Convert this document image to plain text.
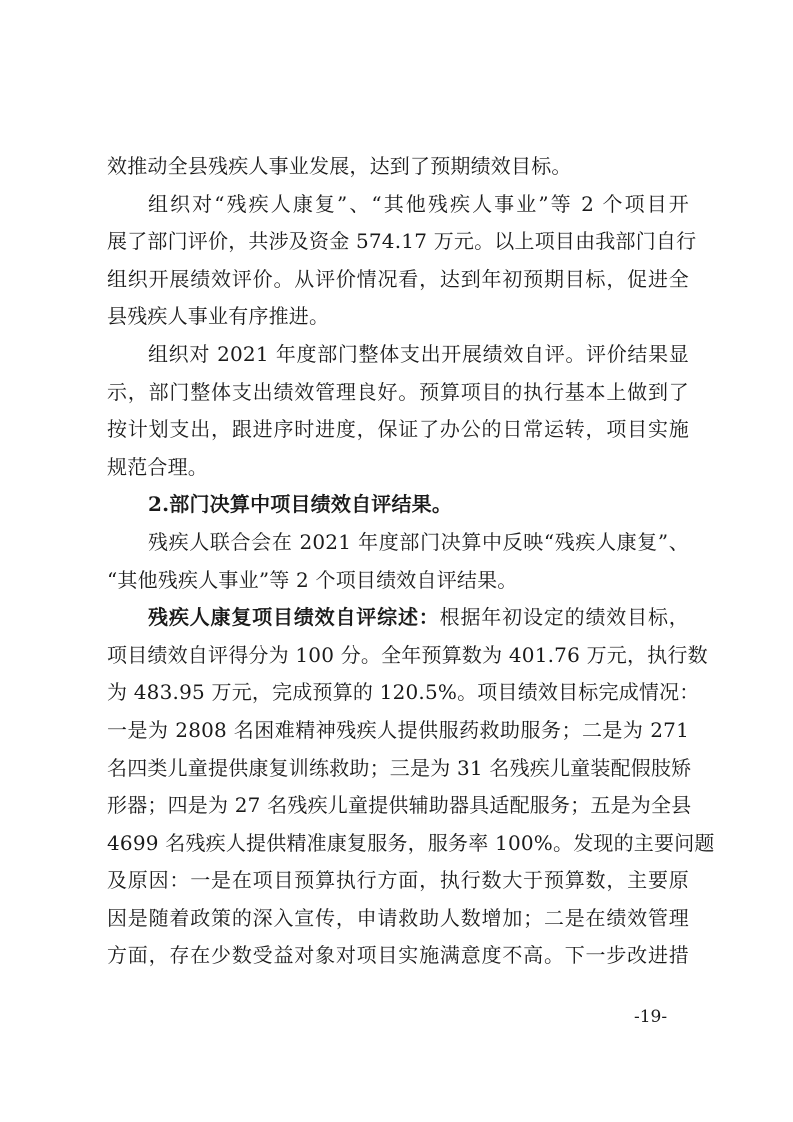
效推动全县残疾人事业发展，达到了预期绩效目标。
组织对“残疾人康复”、“其他残疾人事业”等 2 个项目开
展了部门评价，共涉及资金 574.17 万元。以上项目由我部门自行
组织开展绩效评价。从评价情况看，达到年初预期目标，促进全
县残疾人事业有序推进。
组织对 2021 年度部门整体支出开展绩效自评。评价结果显
示，部门整体支出绩效管理良好。预算项目的执行基本上做到了
按计划支出，跟进序时进度，保证了办公的日常运转，项目实施
规范合理。
2.部门决算中项目绩效自评结果。
残疾人联合会在 2021 年度部门决算中反映“残疾人康复”、
“其他残疾人事业”等 2 个项目绩效自评结果。
残疾人康复项目绩效自评综述：根据年初设定的绩效目标，
项目绩效自评得分为 100 分。全年预算数为 401.76 万元，执行数
为 483.95 万元，完成预算的 120.5%。项目绩效目标完成情况：
一是为 2808 名困难精神残疾人提供服药救助服务；二是为 271
名四类儿童提供康复训练救助；三是为 31 名残疾儿童装配假肢矫
形器；四是为 27 名残疾儿童提供辅助器具适配服务；五是为全县
4699 名残疾人提供精准康复服务，服务率 100%。发现的主要问题
及原因：一是在项目预算执行方面，执行数大于预算数，主要原
因是随着政策的深入宣传，申请救助人数增加；二是在绩效管理
方面，存在少数受益对象对项目实施满意度不高。下一步改进措
-19-
